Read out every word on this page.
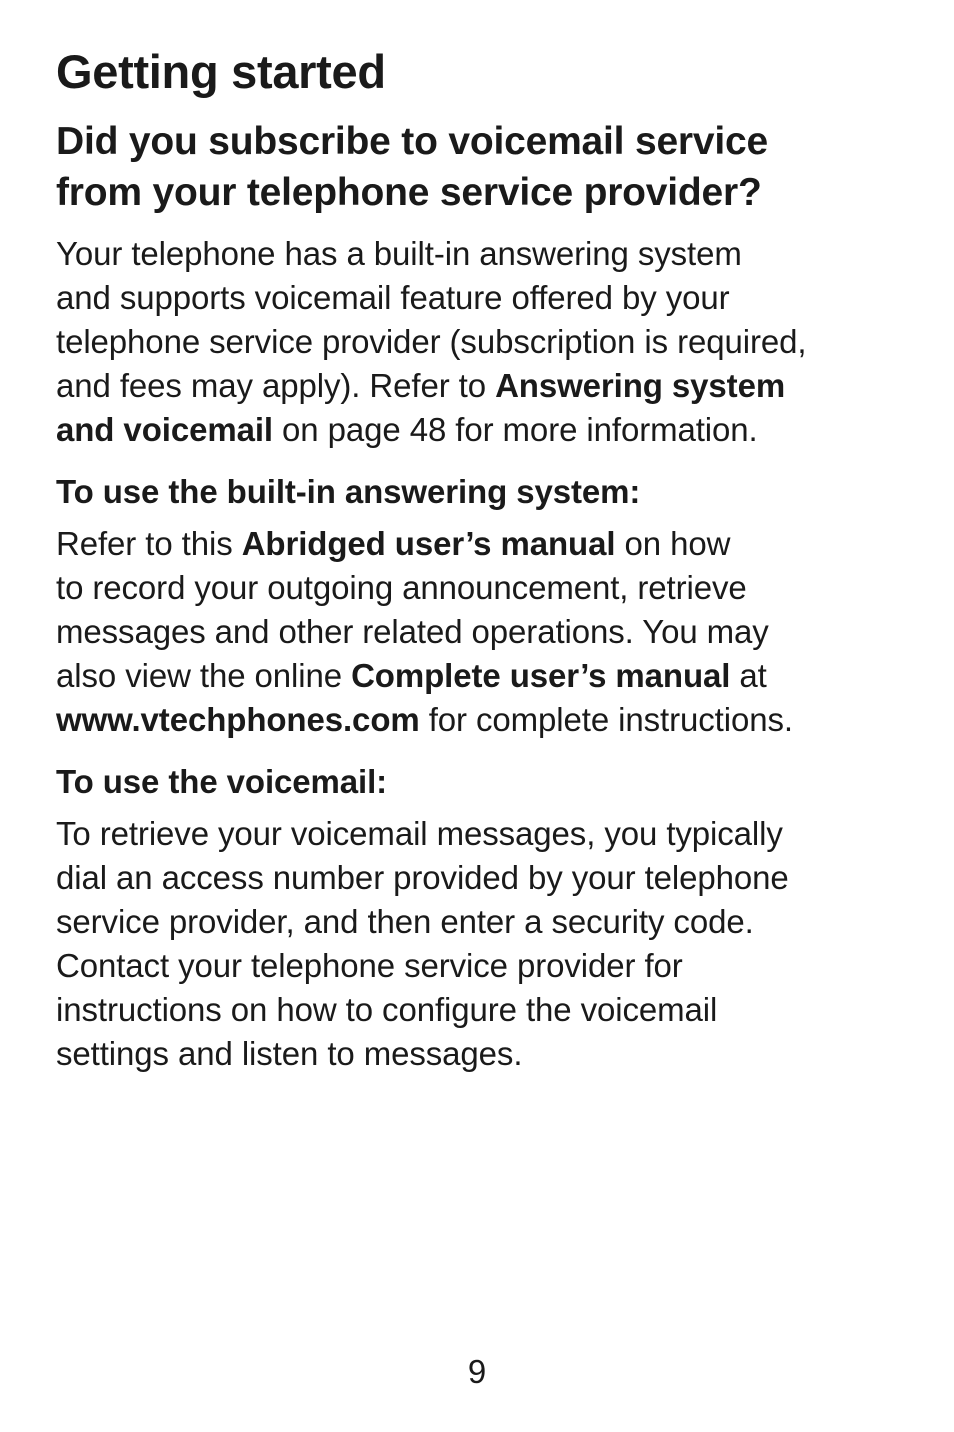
Getting started
Did you subscribe to voicemail service
from your telephone service provider?

Your telephone has a built-in answering system
and supports voicemail feature offered by your
telephone service provider (subscription is required,
and fees may apply). Refer to Answering system
and voicemail on page 48 for more information.

To use the built-in answering system:

Refer to this Abridged user’s manual on how
to record your outgoing announcement, retrieve
messages and other related operations. You may
also view the online Complete user’s manual at
www.vtechphones.com for complete instructions.

To use the voicemail:

To retrieve your voicemail messages, you typically
dial an access number provided by your telephone
service provider, and then enter a security code.
Contact your telephone service provider for
instructions on how to configure the voicemail
settings and listen to messages.

9
